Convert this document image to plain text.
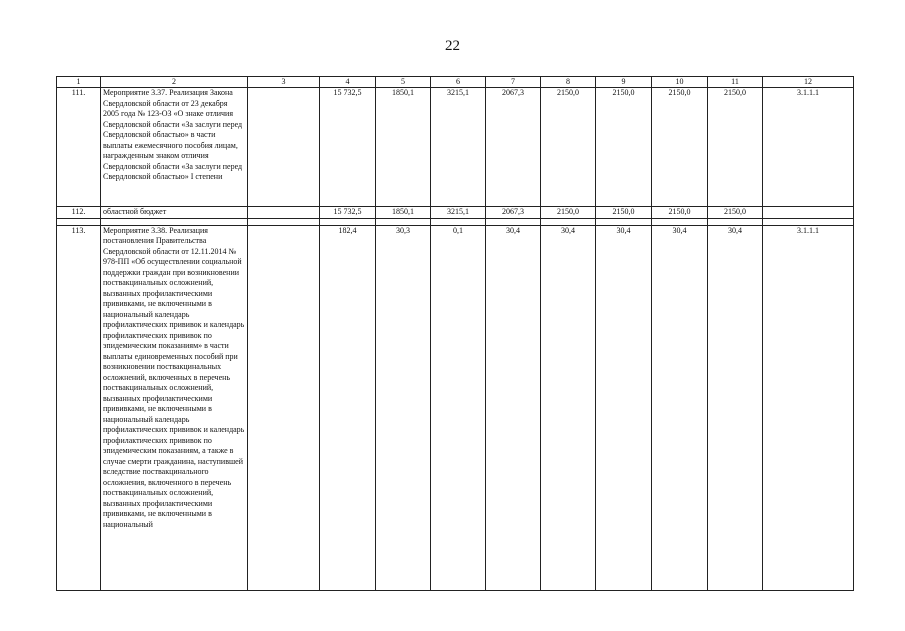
22
1	2	3	4	5	6	7	8	9	10	11	12
111.	Мероприятие 3.37. Реализация Закона Свердловской области от 23 декабря 2005 года № 123-ОЗ «О знаке отличия Свердловской области «За заслуги перед Свердловской областью» в части выплаты ежемесячного пособия лицам, награжденным знаком отличия Свердловской области «За заслуги перед Свердловской областью» I степени		15 732,5	1850,1	3215,1	2067,3	2150,0	2150,0	2150,0	2150,0	3.1.1.1
112.	областной бюджет		15 732,5	1850,1	3215,1	2067,3	2150,0	2150,0	2150,0	2150,0	

113.	Мероприятие 3.38. Реализация постановления Правительства Свердловской области от 12.11.2014 № 978-ПП «Об осуществлении социальной поддержки граждан при возникновении поствакцинальных осложнений, вызванных профилактическими прививками, не включенными в национальный календарь профилактических прививок и календарь профилактических прививок по эпидемическим показаниям» в части выплаты единовременных пособий при возникновении поствакцинальных осложнений, включенных в перечень поствакцинальных осложнений, вызванных профилактическими прививками, не включенными в национальный календарь профилактических прививок и календарь профилактических прививок по эпидемическим показаниям, а также в случае смерти гражданина, наступившей вследствие поствакцинального осложнения, включенного в перечень поствакцинальных осложнений, вызванных профилактическими прививками, не включенными в национальный		182,4	30,3	0,1	30,4	30,4	30,4	30,4	30,4	3.1.1.1
